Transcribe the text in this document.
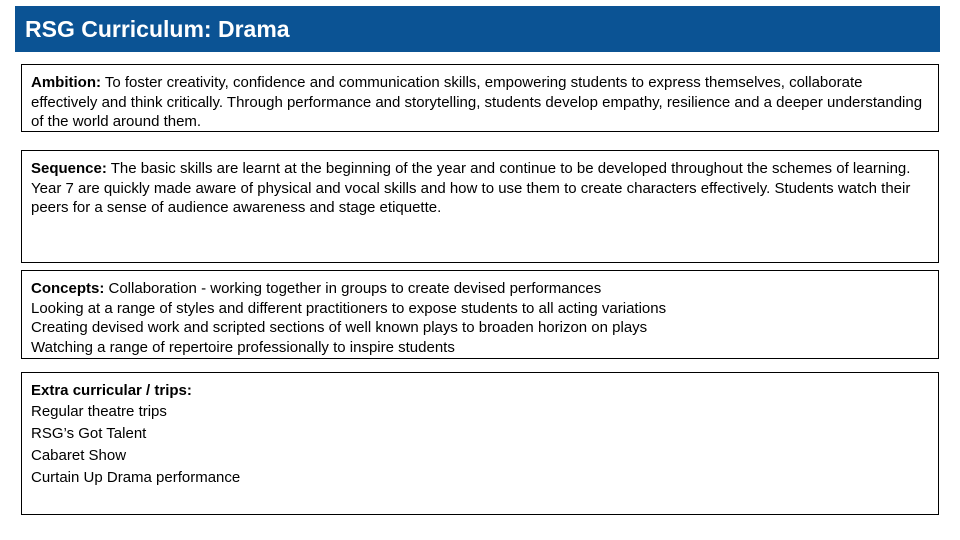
RSG Curriculum: Drama

Ambition: To foster creativity, confidence and communication skills, empowering students to express themselves, collaborate effectively and think critically. Through performance and storytelling, students develop empathy, resilience and a deeper understanding of the world around them.

Sequence: The basic skills are learnt at the beginning of the year and continue to be developed throughout the schemes of learning. Year 7 are quickly made aware of physical and vocal skills and how to use them to create characters effectively. Students watch their peers for a sense of audience awareness and stage etiquette.

Concepts: Collaboration - working together in groups to create devised performances

Looking at a range of styles and different practitioners to expose students to all acting variations

Creating devised work and scripted sections of well known plays to broaden horizon on plays

Watching a range of repertoire professionally to inspire students

Extra curricular / trips:

Regular theatre trips

RSG’s Got Talent

Cabaret Show

Curtain Up Drama performance
